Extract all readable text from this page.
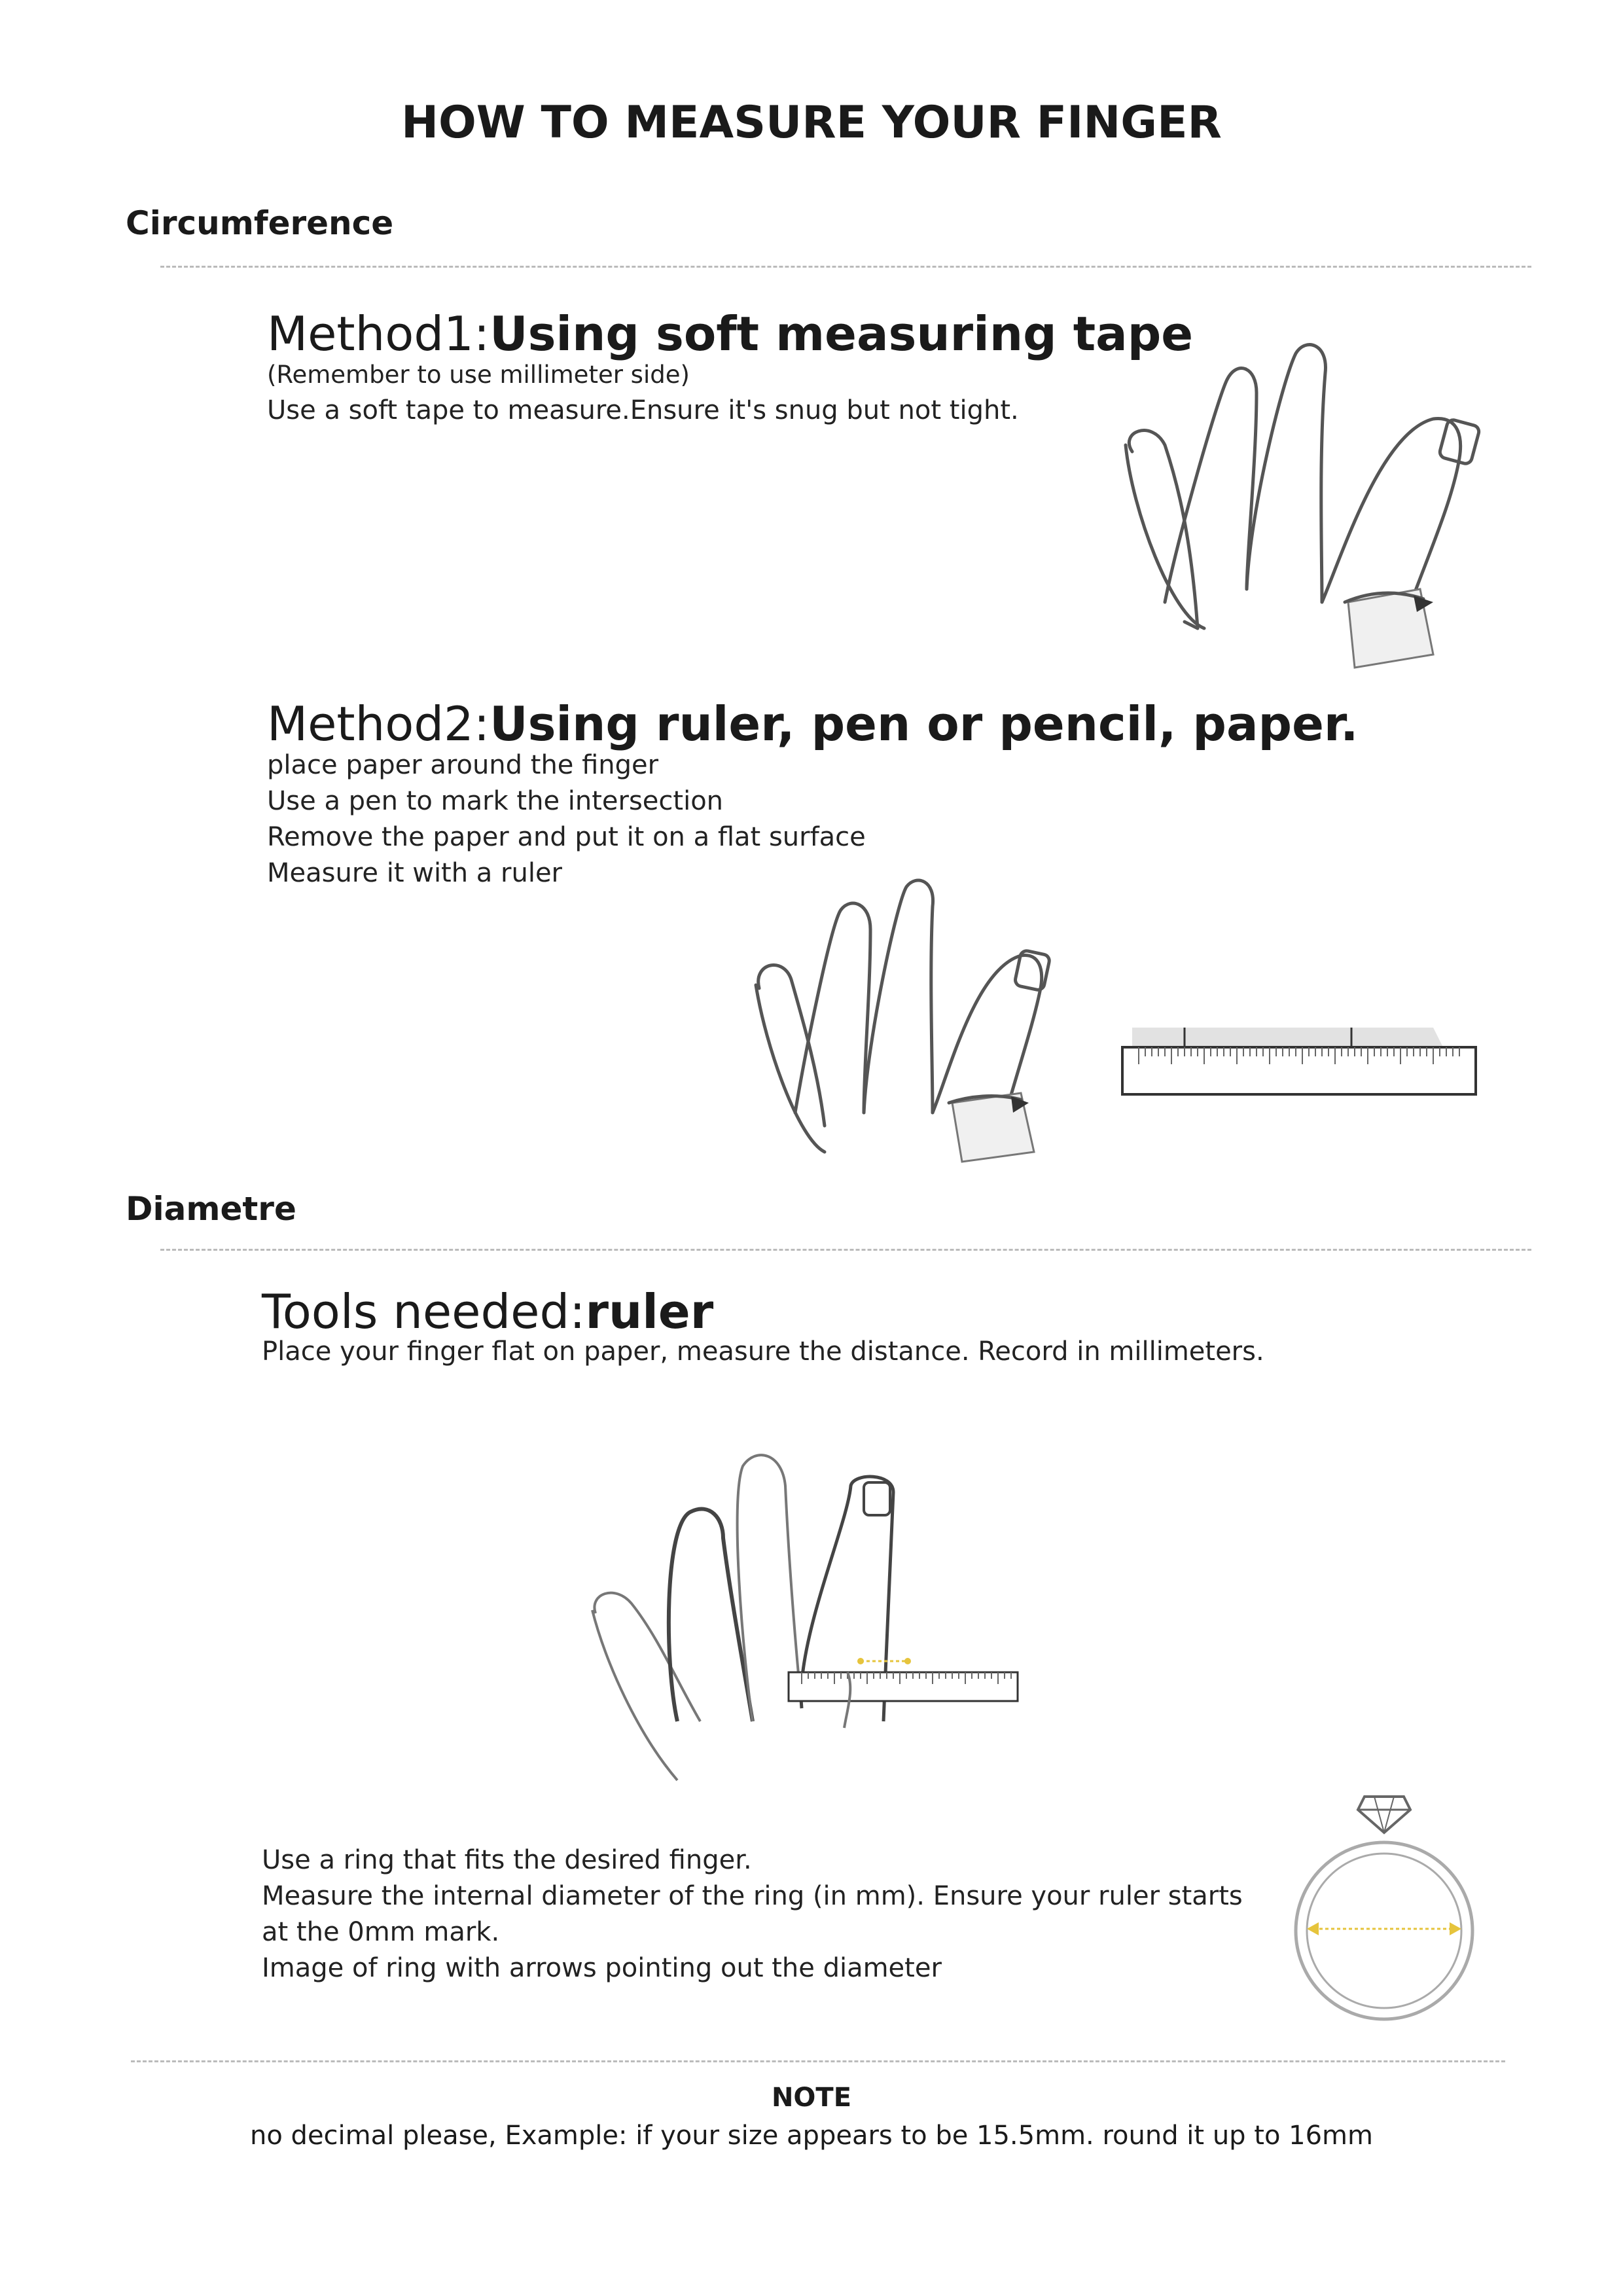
HOW TO MEASURE YOUR FINGER
Circumference
Method1:Using soft measuring tape
(Remember to use millimeter side)
Use a soft tape to measure.Ensure it's snug but not tight.
Method2:Using ruler, pen or pencil, paper.
place paper around the finger
Use a pen to mark the intersection
Remove the paper and put it on a flat surface
Measure it with a ruler
Diametre
Tools needed:ruler
Place your finger flat on paper, measure the distance. Record in millimeters.
Use a ring that fits the desired finger.
Measure the internal diameter of the ring (in mm). Ensure your ruler starts
at the 0mm mark.
Image of ring with arrows pointing out the diameter
NOTE
no decimal please, Example: if your size appears to be 15.5mm. round it up to 16mm
